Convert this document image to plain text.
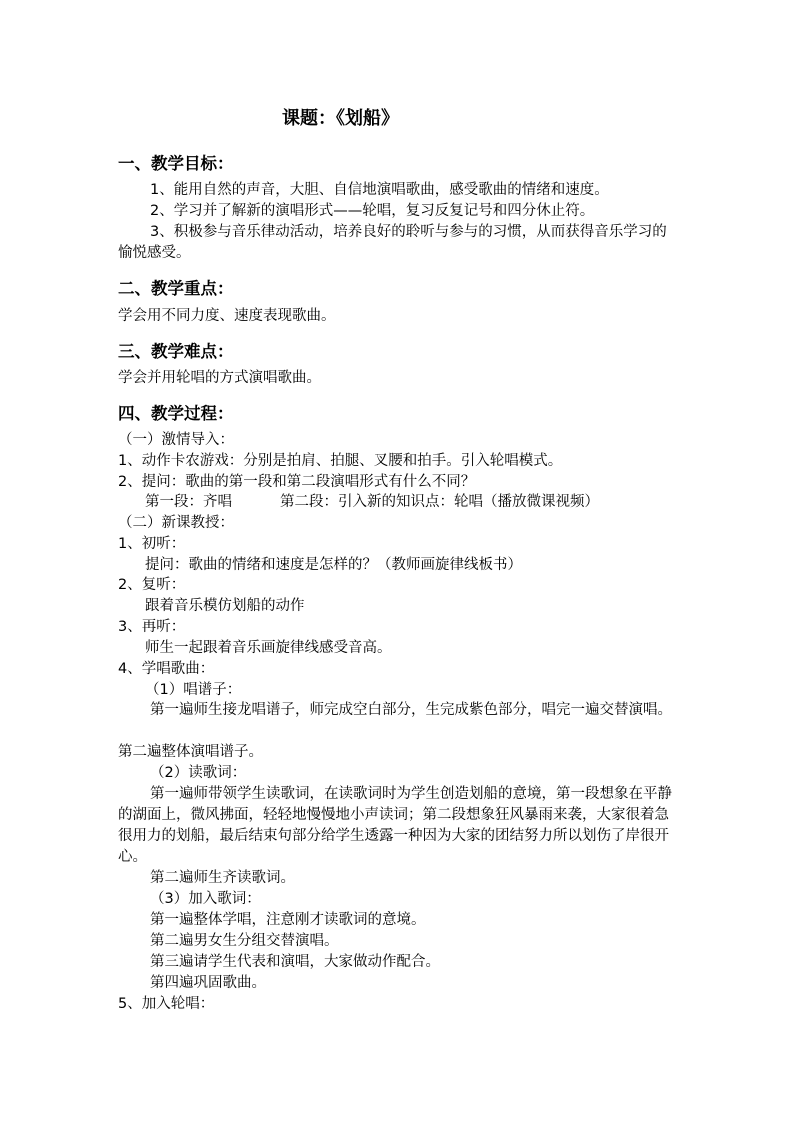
课题：《划船》
一、教学目标：
1、能用自然的声音，大胆、自信地演唱歌曲，感受歌曲的情绪和速度。
2、学习并了解新的演唱形式——轮唱，复习反复记号和四分休止符。
3、积极参与音乐律动活动，培养良好的聆听与参与的习惯，从而获得音乐学习的愉悦感受。
二、教学重点：
学会用不同力度、速度表现歌曲。
三、教学难点：
学会并用轮唱的方式演唱歌曲。
四、教学过程：
（一）激情导入：
1、动作卡农游戏：分别是拍肩、拍腿、叉腰和拍手。引入轮唱模式。
2、提问：歌曲的第一段和第二段演唱形式有什么不同？
第一段：齐唱	第二段：引入新的知识点：轮唱（播放微课视频）
（二）新课教授：
1、初听：
提问：歌曲的情绪和速度是怎样的？（教师画旋律线板书）
2、复听：
跟着音乐模仿划船的动作
3、再听：
师生一起跟着音乐画旋律线感受音高。
4、学唱歌曲：
（1）唱谱子：
第一遍师生接龙唱谱子，师完成空白部分，生完成紫色部分，唱完一遍交替演唱。
第二遍整体演唱谱子。
（2）读歌词：
第一遍师带领学生读歌词，在读歌词时为学生创造划船的意境，第一段想象在平静的湖面上，微风拂面，轻轻地慢慢地小声读词；第二段想象狂风暴雨来袭，大家很着急很用力的划船，最后结束句部分给学生透露一种因为大家的团结努力所以划伤了岸很开心。
第二遍师生齐读歌词。
（3）加入歌词：
第一遍整体学唱，注意刚才读歌词的意境。
第二遍男女生分组交替演唱。
第三遍请学生代表和演唱，大家做动作配合。
第四遍巩固歌曲。
5、加入轮唱：
